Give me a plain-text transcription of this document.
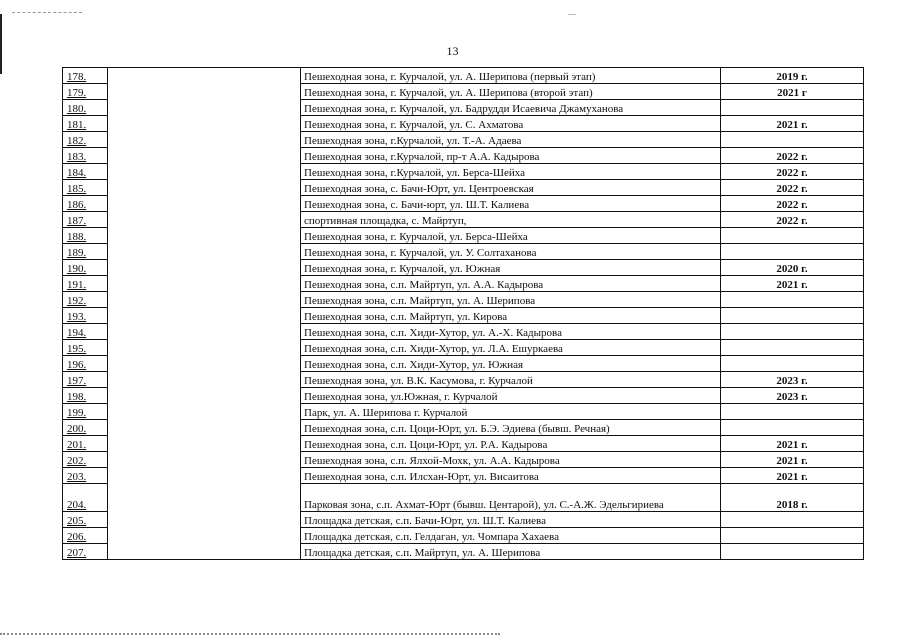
13
178.		Пешеходная зона, г. Курчалой, ул. А. Шерипова (первый этап)	2019 г.
179.		Пешеходная зона, г. Курчалой, ул. А. Шерипова (второй этап)	2021 г
180.		Пешеходная зона, г. Курчалой, ул. Бадрудди Исаевича Джамуханова	
181.		Пешеходная зона, г. Курчалой, ул. С. Ахматова	2021 г.
182.		Пешеходная зона, г.Курчалой, ул. Т.-А. Адаева	
183.		Пешеходная зона, г.Курчалой, пр-т А.А. Кадырова	2022 г.
184.		Пешеходная зона, г.Курчалой, ул. Берса-Шейха	2022 г.
185.		Пешеходная зона, с. Бачи-Юрт, ул. Центроевская	2022 г.
186.		Пешеходная зона, с. Бачи-юрт, ул. Ш.Т. Калиева	2022 г.
187.		спортивная площадка, с. Майртуп,	2022 г.
188.		Пешеходная зона, г. Курчалой, ул. Берса-Шейха	
189.		Пешеходная зона, г. Курчалой, ул. У. Солтаханова	
190.		Пешеходная зона, г. Курчалой, ул. Южная	2020 г.
191.		Пешеходная зона, с.п. Майртуп, ул. А.А. Кадырова	2021 г.
192.		Пешеходная зона, с.п. Майртуп, ул. А. Шерипова	
193.		Пешеходная зона, с.п. Майртуп, ул. Кирова	
194.		Пешеходная зона, с.п. Хиди-Хутор, ул. А.-Х. Кадырова	
195.		Пешеходная зона, с.п. Хиди-Хутор, ул. Л.А. Ешуркаева	
196.		Пешеходная зона, с.п. Хиди-Хутор, ул. Южная	
197.		Пешеходная зона, ул. В.К. Касумова, г. Курчалой	2023 г.
198.		Пешеходная зона, ул.Южная, г. Курчалой	2023 г.
199.		Парк, ул. А. Шерипова г. Курчалой	
200.		Пешеходная зона, с.п. Цоци-Юрт, ул. Б.Э. Эдиева (бывш. Речная)	
201.		Пешеходная зона, с.п. Цоци-Юрт, ул. Р.А. Кадырова	2021 г.
202.		Пешеходная зона, с.п. Ялхой-Мохк, ул. А.А. Кадырова	2021 г.
203.		Пешеходная зона, с.п. Илсхан-Юрт, ул. Висаитова	2021 г.
204.		Парковая зона, с.п. Ахмат-Юрт (бывш. Центарой), ул. С.-А.Ж. Эдельгириева	2018 г.
205.		Площадка детская, с.п. Бачи-Юрт, ул. Ш.Т. Калиева	
206.		Площадка детская, с.п. Гелдаган, ул. Чомпара Хахаева	
207.		Площадка детская, с.п. Майртуп, ул. А. Шерипова	
